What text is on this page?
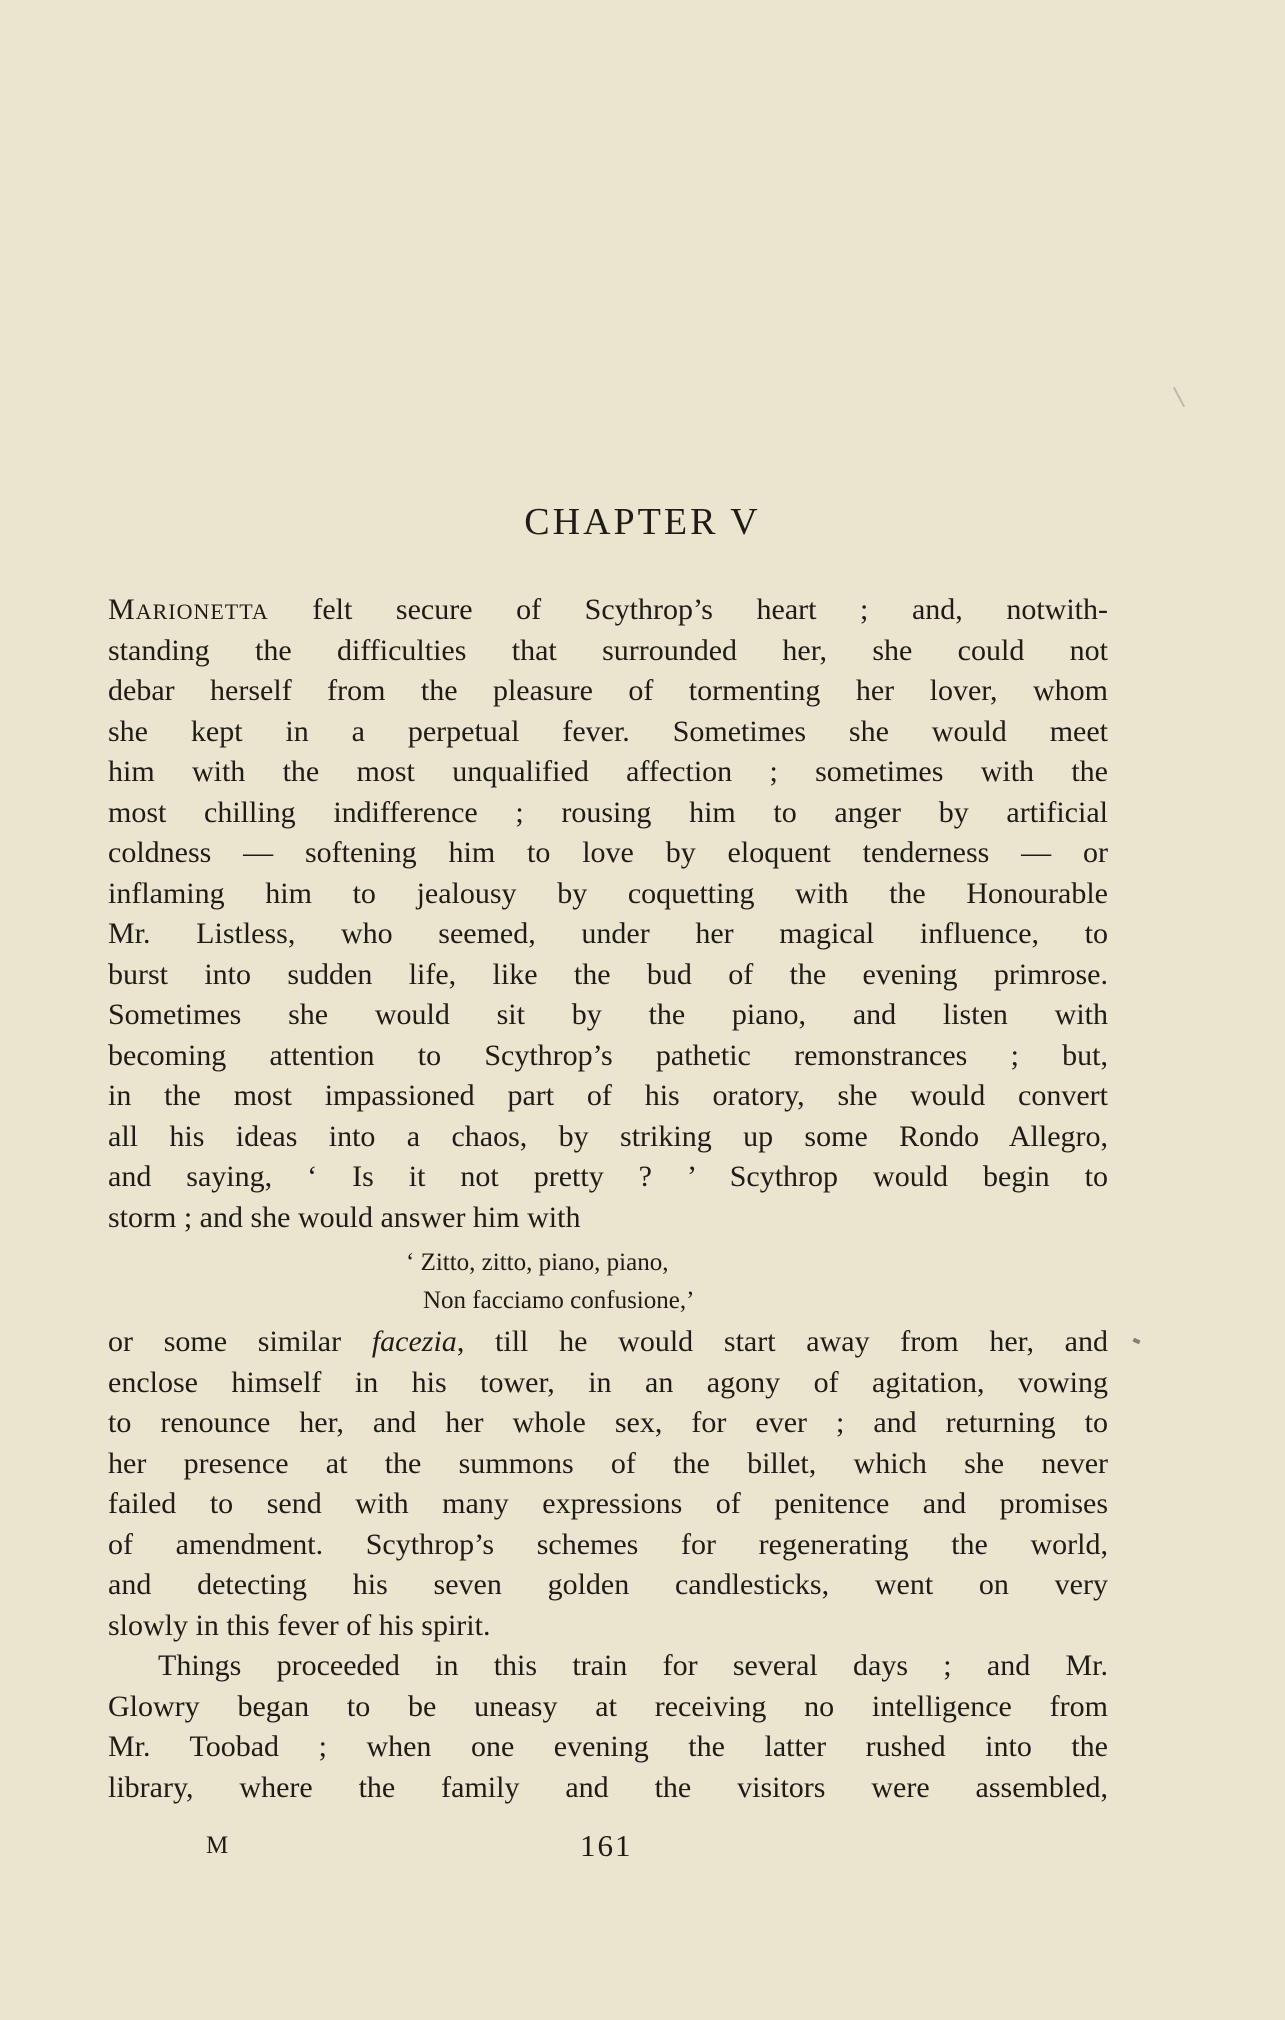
CHAPTER V
MARIONETTA felt secure of Scythrop’s heart ; and, notwith-
standing the difficulties that surrounded her, she could not
debar herself from the pleasure of tormenting her lover, whom
she kept in a perpetual fever. Sometimes she would meet
him with the most unqualified affection ; sometimes with the
most chilling indifference ; rousing him to anger by artificial
coldness — softening him to love by eloquent tenderness — or
inflaming him to jealousy by coquetting with the Honourable
Mr. Listless, who seemed, under her magical influence, to
burst into sudden life, like the bud of the evening primrose.
Sometimes she would sit by the piano, and listen with
becoming attention to Scythrop’s pathetic remonstrances ; but,
in the most impassioned part of his oratory, she would convert
all his ideas into a chaos, by striking up some Rondo Allegro,
and saying, ‘ Is it not pretty ? ’ Scythrop would begin to
storm ; and she would answer him with
‘ Zitto, zitto, piano, piano,
Non facciamo confusione,’
or some similar facezia, till he would start away from her, and
enclose himself in his tower, in an agony of agitation, vowing
to renounce her, and her whole sex, for ever ; and returning to
her presence at the summons of the billet, which she never
failed to send with many expressions of penitence and promises
of amendment. Scythrop’s schemes for regenerating the world,
and detecting his seven golden candlesticks, went on very
slowly in this fever of his spirit.
Things proceeded in this train for several days ; and Mr.
Glowry began to be uneasy at receiving no intelligence from
Mr. Toobad ; when one evening the latter rushed into the
library, where the family and the visitors were assembled,
M	161
